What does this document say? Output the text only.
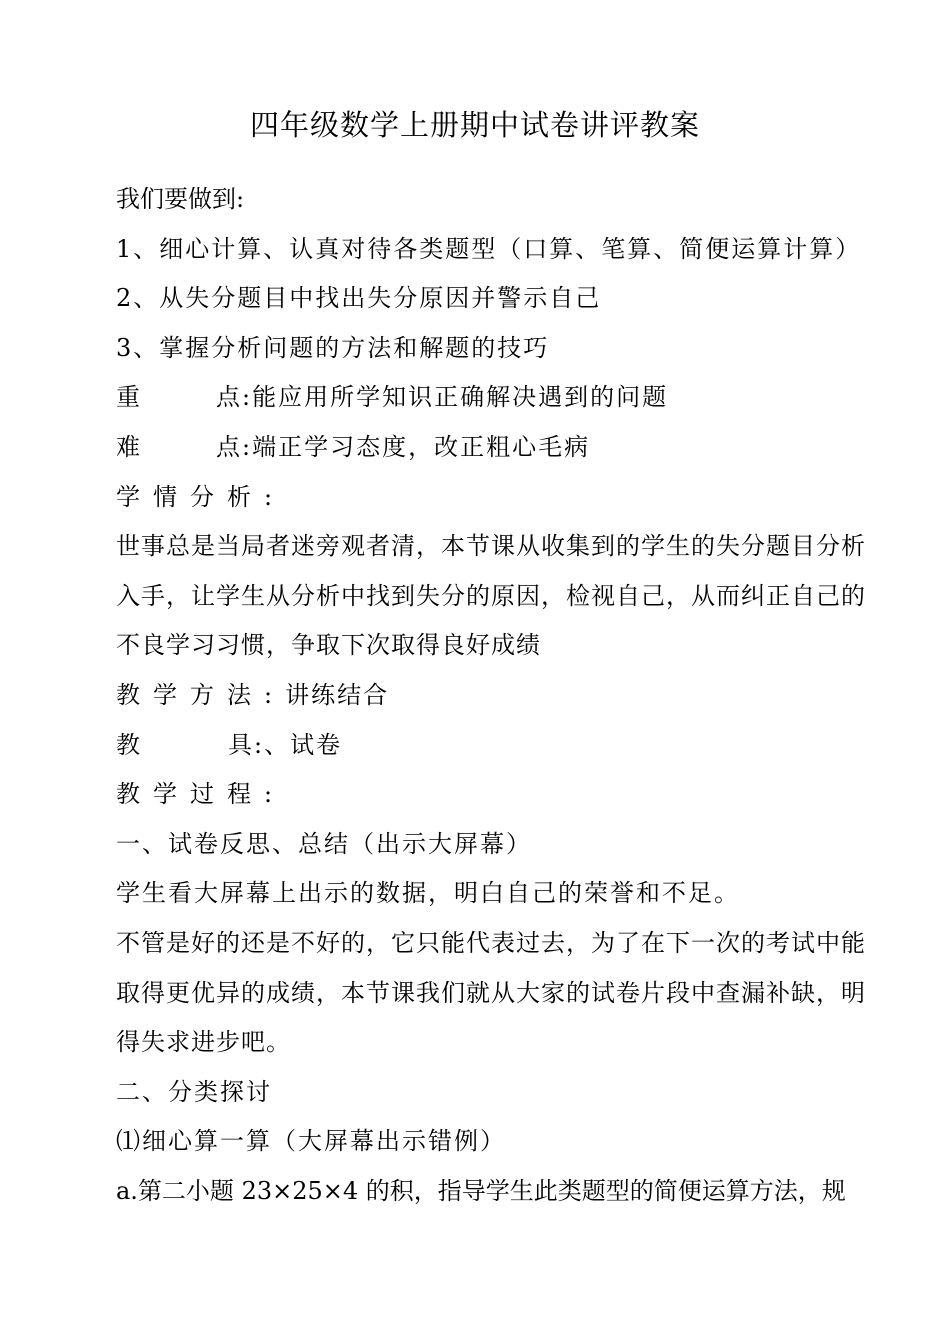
四年级数学上册期中试卷讲评教案

我们要做到:

1、细心计算、认真对待各类题型（口算、笔算、简便运算计算）

2、从失分题目中找出失分原因并警示自己

3、掌握分析问题的方法和解题的技巧

重	点:能应用所学知识正确解决遇到的问题

难	点:端正学习态度，改正粗心毛病

学情分析:

世事总是当局者迷旁观者清，本节课从收集到的学生的失分题目分析入手，让学生从分析中找到失分的原因，检视自己，从而纠正自己的不良学习习惯，争取下次取得良好成绩

教学方法:讲练结合

教	具:、试卷

教学过程:

一、试卷反思、总结（出示大屏幕）

学生看大屏幕上出示的数据，明白自己的荣誉和不足。

不管是好的还是不好的，它只能代表过去，为了在下一次的考试中能取得更优异的成绩，本节课我们就从大家的试卷片段中查漏补缺，明得失求进步吧。

二、分类探讨

⑴细心算一算（大屏幕出示错例）

a.第二小题 23×25×4 的积，指导学生此类题型的简便运算方法，规
